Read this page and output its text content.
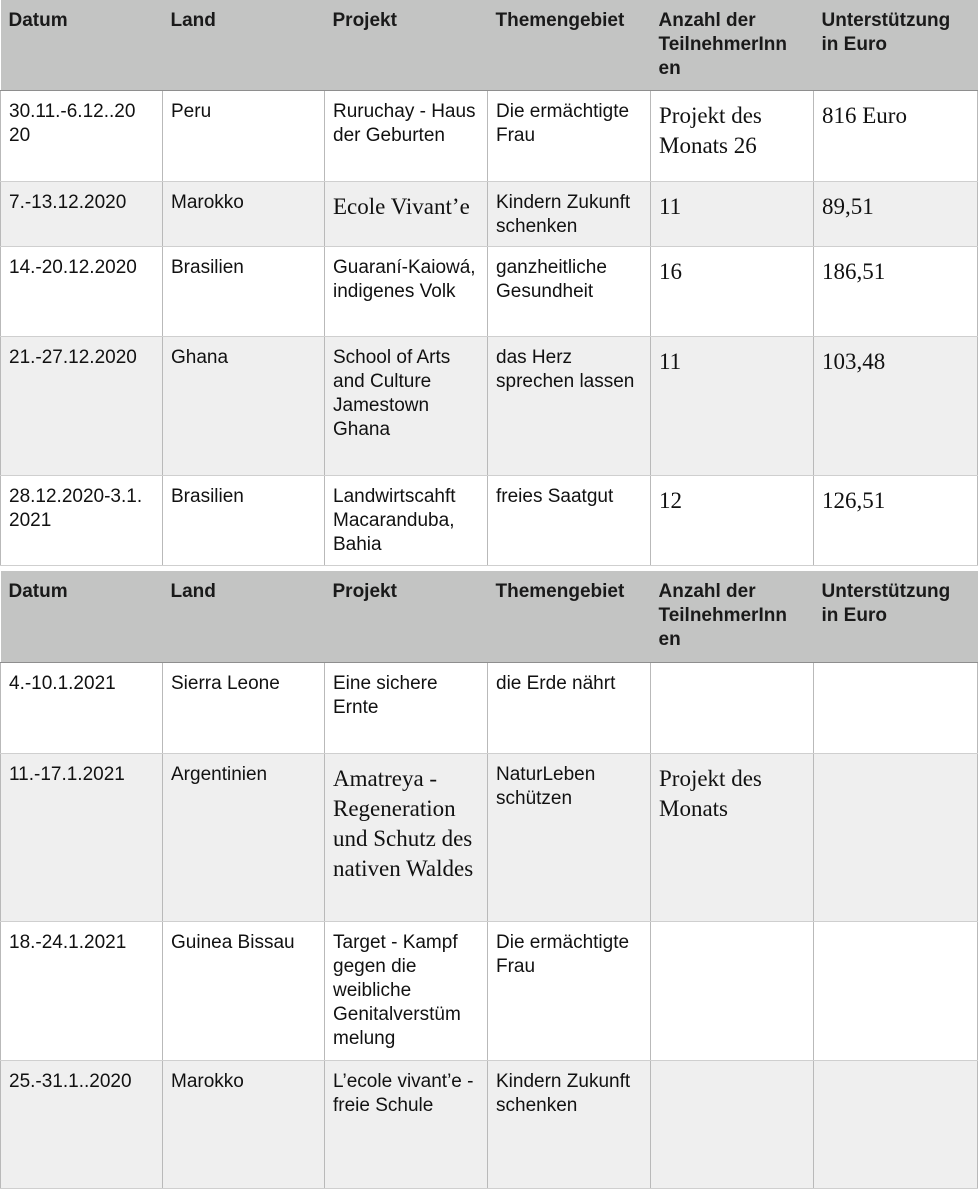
Datum	Land	Projekt	Themengebiet	Anzahl der TeilnehmerInn en	Unterstützung in Euro
30.11.-6.12..20 20	Peru	Ruruchay - Haus der Geburten	Die ermächtigte Frau	Projekt des Monats 26	816 Euro
7.-13.12.2020	Marokko	Ecole Vivant’e	Kindern Zukunft schenken	11	89,51
14.-20.12.2020	Brasilien	Guaraní-Kaiowá, indigenes Volk	ganzheitliche Gesundheit	16	186,51
21.-27.12.2020	Ghana	School of Arts and Culture Jamestown Ghana	das Herz sprechen lassen	11	103,48
28.12.2020-3.1. 2021	Brasilien	Landwirtscahft Macaranduba, Bahia	freies Saatgut	12	126,51
Datum	Land	Projekt	Themengebiet	Anzahl der TeilnehmerInn en	Unterstützung in Euro
4.-10.1.2021	Sierra Leone	Eine sichere Ernte	die Erde nährt		
11.-17.1.2021	Argentinien	Amatreya - Regeneration und Schutz des nativen Waldes	NaturLeben schützen	Projekt des Monats	
18.-24.1.2021	Guinea Bissau	Target - Kampf gegen die weibliche Genitalverstüm melung	Die ermächtigte Frau		
25.-31.1..2020	Marokko	L’ecole vivant’e - freie Schule	Kindern Zukunft schenken		
